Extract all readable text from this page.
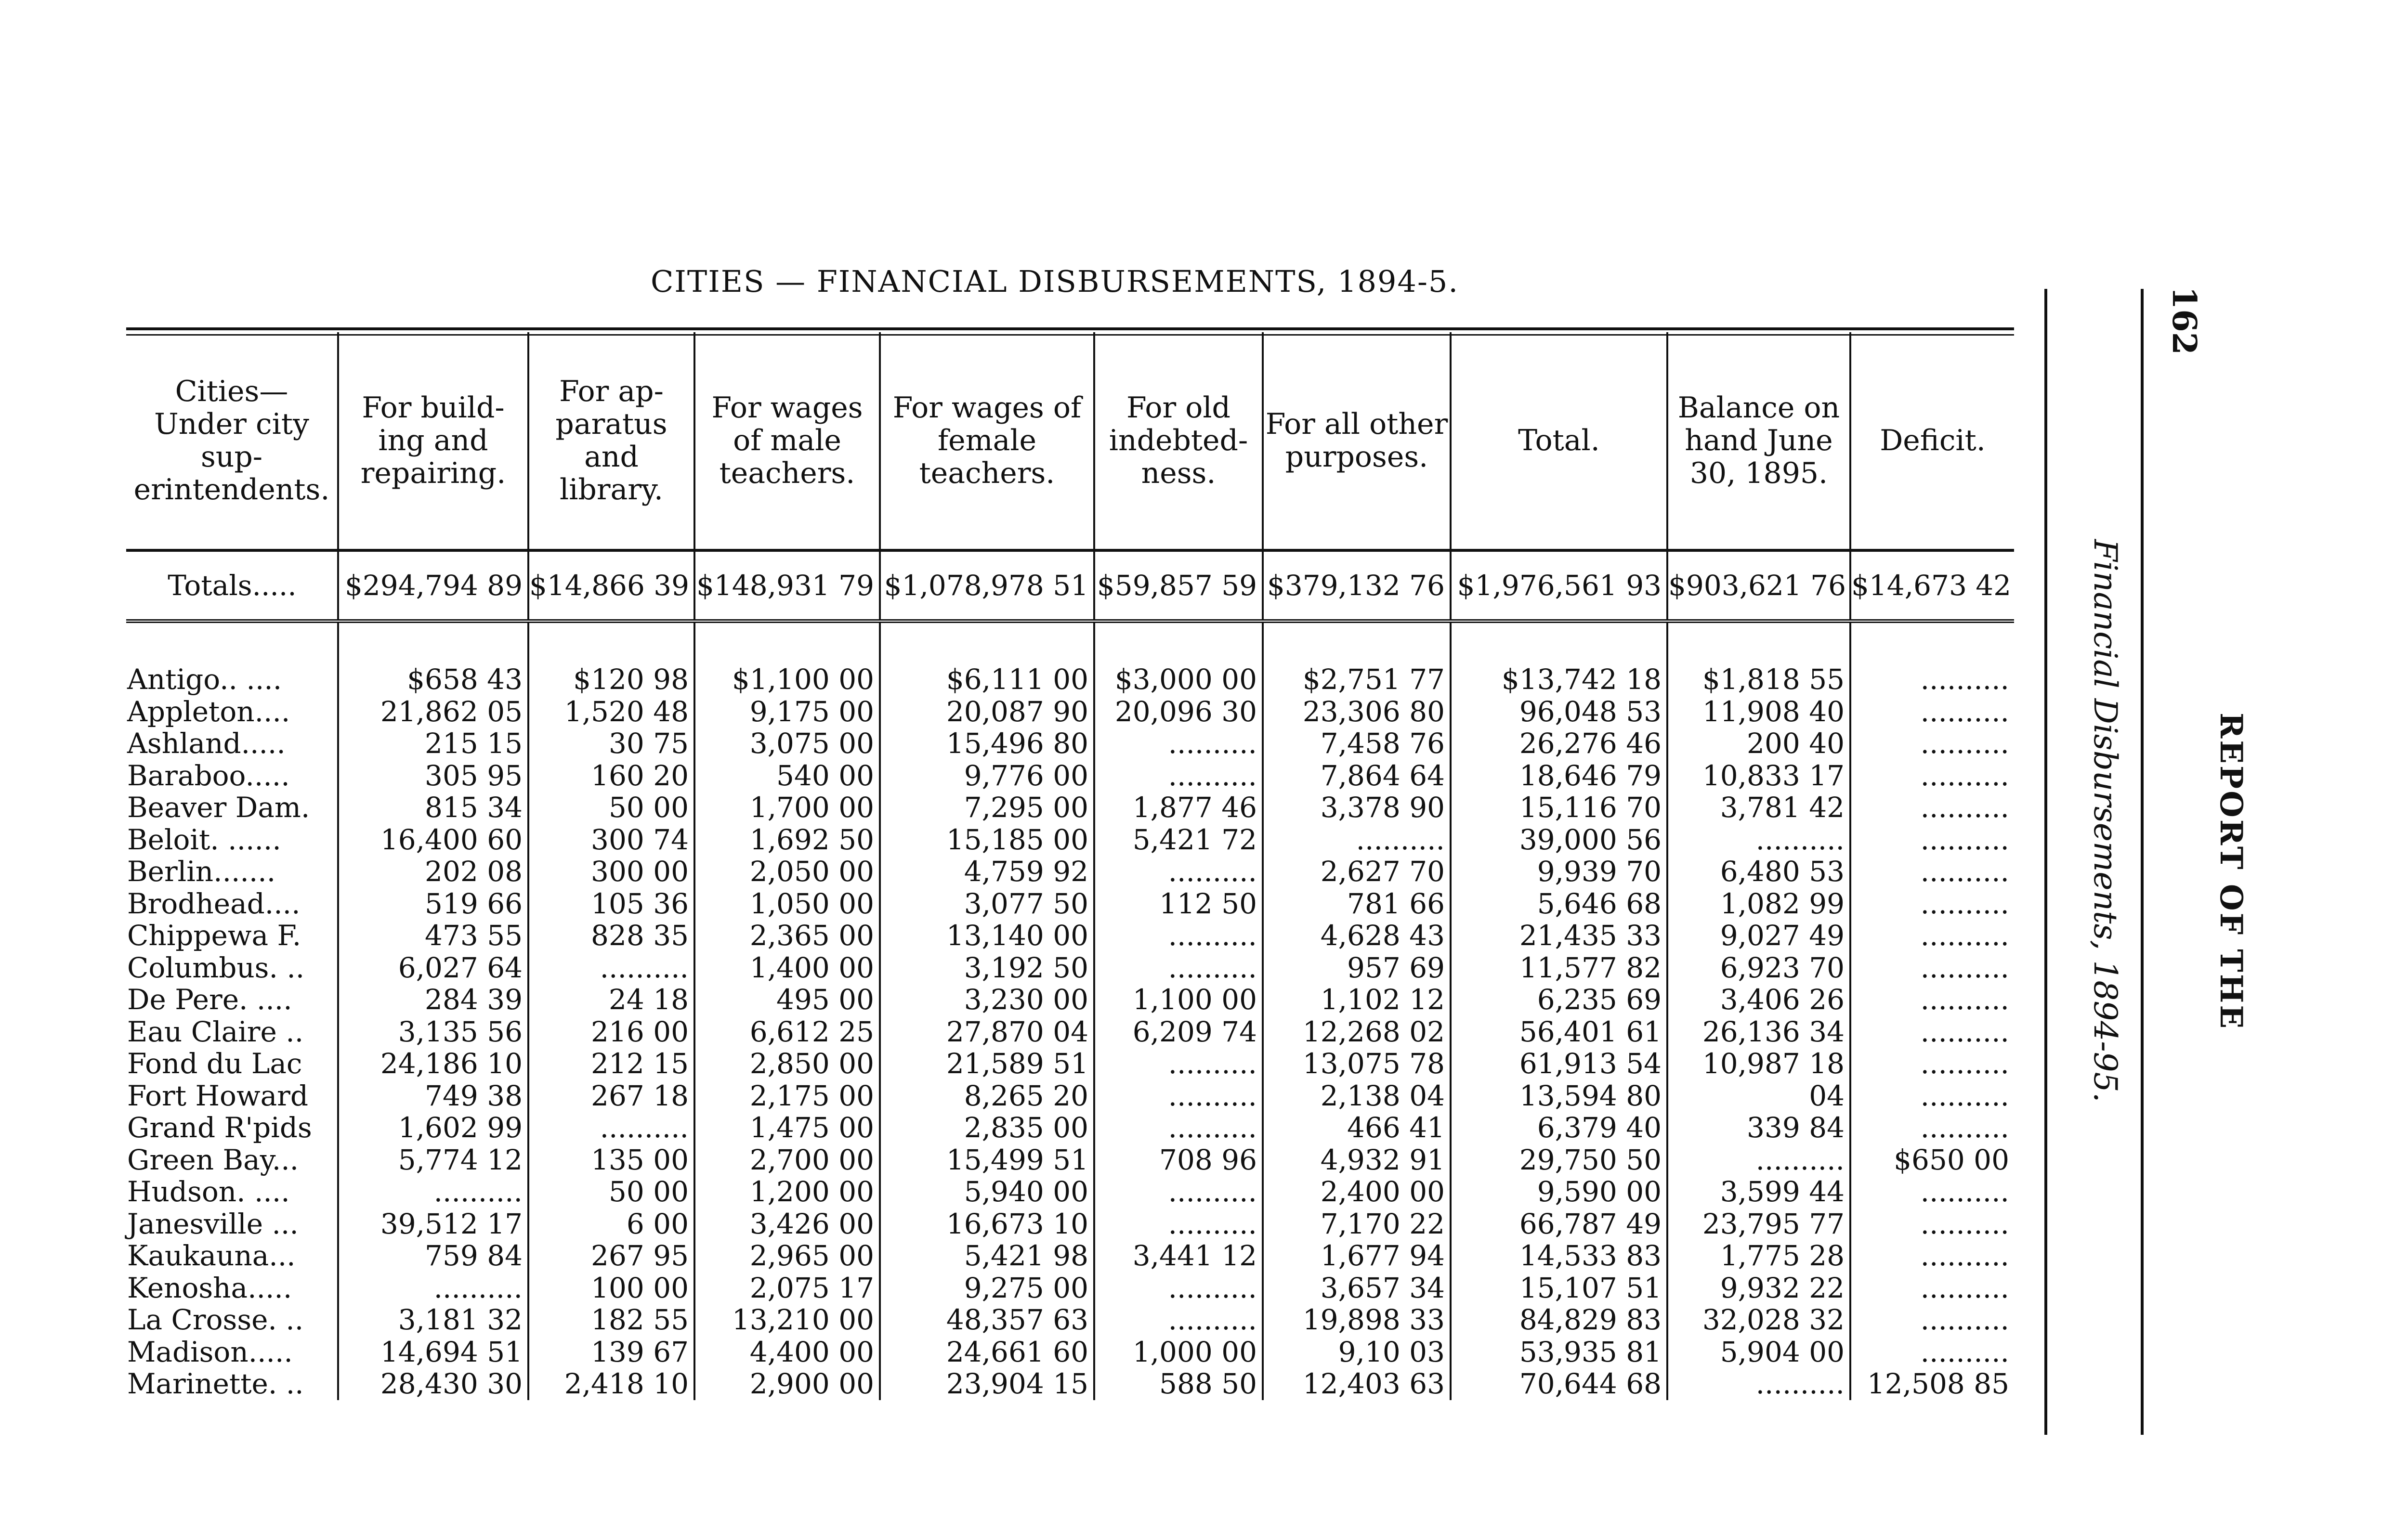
CITIES — FINANCIAL DISBURSEMENTS, 1894-5.
162
REPORT OF THE
Financial Disbursements, 1894-95.
Cities— Under city sup- erintendents.	For build- ing and repairing.	For ap- paratus and library.	For wages of male teachers.	For wages of female teachers.	For old indebted- ness.	For all other purposes.	Total.	Balance on hand June 30, 1895.	Deficit.
Totals.....	$294,794 89	$14,866 39	$148,931 79	$1,078,978 51	$59,857 59	$379,132 76	$1,976,561 93	$903,621 76	$14,673 42

Antigo.. ....	$658 43	$120 98	$1,100 00	$6,111 00	$3,000 00	$2,751 77	$13,742 18	$1,818 55	..........
Appleton....	21,862 05	1,520 48	9,175 00	20,087 90	20,096 30	23,306 80	96,048 53	11,908 40	..........
Ashland.....	215 15	30 75	3,075 00	15,496 80	..........	7,458 76	26,276 46	200 40	..........
Baraboo.....	305 95	160 20	540 00	9,776 00	..........	7,864 64	18,646 79	10,833 17	..........
Beaver Dam.	815 34	50 00	1,700 00	7,295 00	1,877 46	3,378 90	15,116 70	3,781 42	..........
Beloit. ......	16,400 60	300 74	1,692 50	15,185 00	5,421 72	..........	39,000 56	..........	..........
Berlin.......	202 08	300 00	2,050 00	4,759 92	..........	2,627 70	9,939 70	6,480 53	..........
Brodhead....	519 66	105 36	1,050 00	3,077 50	112 50	781 66	5,646 68	1,082 99	..........
Chippewa F.	473 55	828 35	2,365 00	13,140 00	..........	4,628 43	21,435 33	9,027 49	..........
Columbus. ..	6,027 64	..........	1,400 00	3,192 50	..........	957 69	11,577 82	6,923 70	..........
De Pere. ....	284 39	24 18	495 00	3,230 00	1,100 00	1,102 12	6,235 69	3,406 26	..........
Eau Claire ..	3,135 56	216 00	6,612 25	27,870 04	6,209 74	12,268 02	56,401 61	26,136 34	..........
Fond du Lac	24,186 10	212 15	2,850 00	21,589 51	..........	13,075 78	61,913 54	10,987 18	..........
Fort Howard	749 38	267 18	2,175 00	8,265 20	..........	2,138 04	13,594 80	04	..........
Grand R'pids	1,602 99	..........	1,475 00	2,835 00	..........	466 41	6,379 40	339 84	..........
Green Bay...	5,774 12	135 00	2,700 00	15,499 51	708 96	4,932 91	29,750 50	..........	$650 00
Hudson. ....	..........	50 00	1,200 00	5,940 00	..........	2,400 00	9,590 00	3,599 44	..........
Janesville ...	39,512 17	6 00	3,426 00	16,673 10	..........	7,170 22	66,787 49	23,795 77	..........
Kaukauna...	759 84	267 95	2,965 00	5,421 98	3,441 12	1,677 94	14,533 83	1,775 28	..........
Kenosha.....	..........	100 00	2,075 17	9,275 00	..........	3,657 34	15,107 51	9,932 22	..........
La Crosse. ..	3,181 32	182 55	13,210 00	48,357 63	..........	19,898 33	84,829 83	32,028 32	..........
Madison.....	14,694 51	139 67	4,400 00	24,661 60	1,000 00	9,10 03	53,935 81	5,904 00	..........
Marinette. ..	28,430 30	2,418 10	2,900 00	23,904 15	588 50	12,403 63	70,644 68	..........	12,508 85
